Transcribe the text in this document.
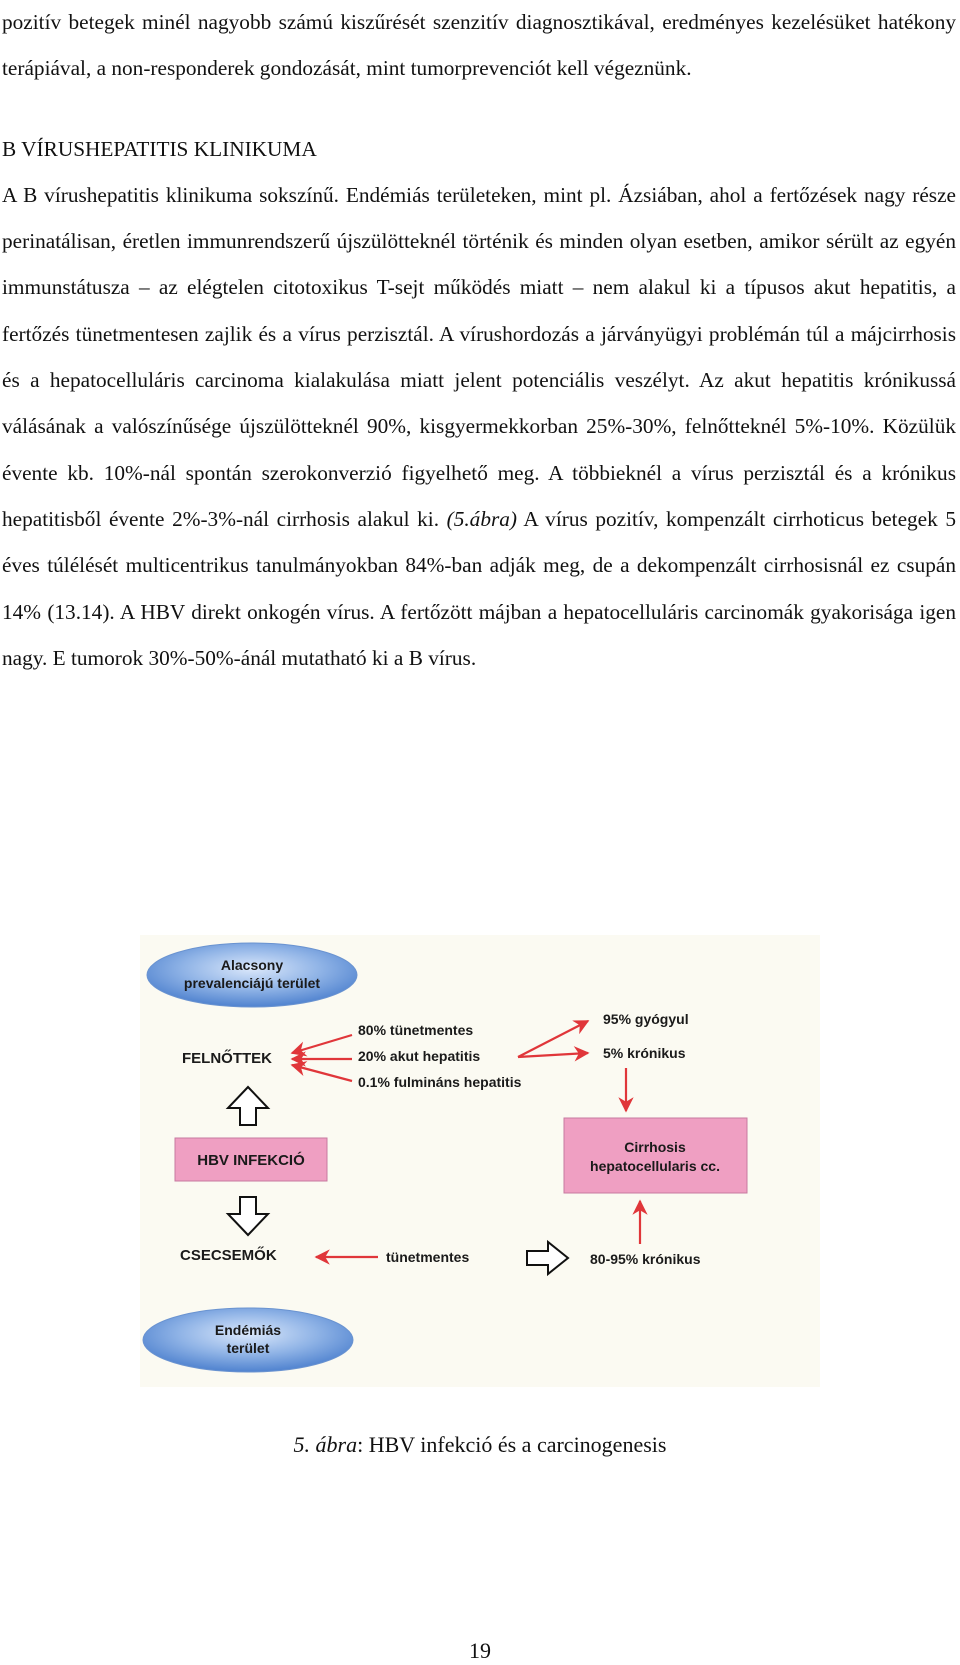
pozitív betegek minél nagyobb számú kiszűrését szenzitív diagnosztikával, eredményes kezelésüket hatékony terápiával, a non-responderek gondozását, mint tumorprevenciót kell végeznünk.

B VÍRUSHEPATITIS KLINIKUMA

A B vírushepatitis klinikuma sokszínű. Endémiás területeken, mint pl. Ázsiában, ahol a fertőzések nagy része perinatálisan, éretlen immunrendszerű újszülötteknél történik és minden olyan esetben, amikor sérült az egyén immunstátusza – az elégtelen citotoxikus T-sejt működés miatt – nem alakul ki a típusos akut hepatitis, a fertőzés tünetmentesen zajlik és a vírus perzisztál. A vírushordozás a járványügyi problémán túl a májcirrhosis és a hepatocelluláris carcinoma kialakulása miatt jelent potenciális veszélyt. Az akut hepatitis krónikussá válásának a valószínűsége újszülötteknél 90%, kisgyermekkorban 25%-30%, felnőtteknél 5%-10%. Közülük évente kb. 10%-nál spontán szerokonverzió figyelhető meg. A többieknél a vírus perzisztál és a krónikus hepatitisből évente 2%-3%-nál cirrhosis alakul ki. (5.ábra) A vírus pozitív, kompenzált cirrhoticus betegek 5 éves túlélését multicentrikus tanulmányokban 84%-ban adják meg, de a dekompenzált cirrhosisnál ez csupán 14% (13.14). A HBV direkt onkogén vírus. A fertőzött májban a hepatocelluláris carcinomák gyakorisága igen nagy. E tumorok 30%-50%-ánál mutatható ki a B vírus.

Alacsony
prevalenciájú terület
FELNŐTTEK
80% tünetmentes
20% akut hepatitis
0.1% fulmináns hepatitis
95% gyógyul
5% krónikus
HBV INFEKCIÓ
Cirrhosis
hepatocellularis cc.
CSECSEMŐK	tünetmentes	80-95% krónikus
Endémiás
terület
5. ábra: HBV infekció és a carcinogenesis
19
